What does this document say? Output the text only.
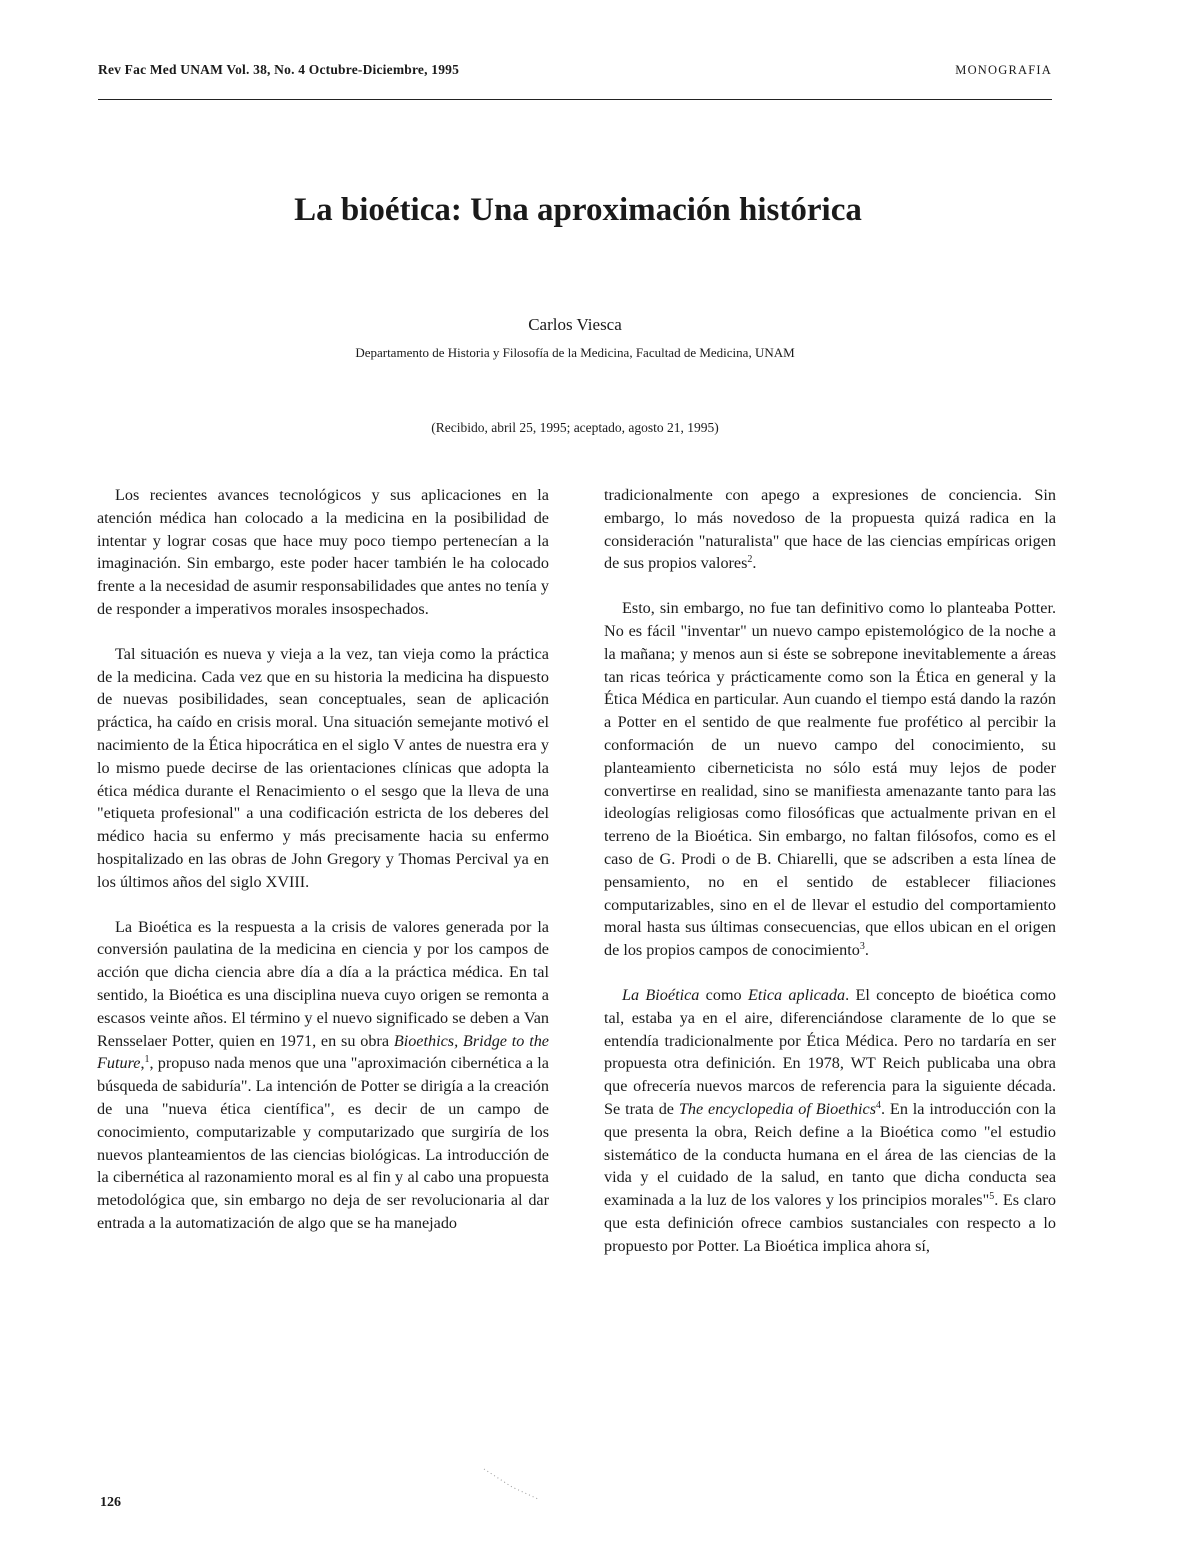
Rev Fac Med UNAM Vol. 38, No. 4 Octubre-Diciembre, 1995	MONOGRAFIA
La bioética: Una aproximación histórica
Carlos Viesca
Departamento de Historia y Filosofía de la Medicina, Facultad de Medicina, UNAM
(Recibido, abril 25, 1995; aceptado, agosto 21, 1995)

Los recientes avances tecnológicos y sus aplicaciones en la atención médica han colocado a la medicina en la posibilidad de intentar y lograr cosas que hace muy poco tiempo pertenecían a la imaginación. Sin embargo, este poder hacer también le ha colocado frente a la necesidad de asumir responsabilidades que antes no tenía y de responder a imperativos morales insospechados.

Tal situación es nueva y vieja a la vez, tan vieja como la práctica de la medicina. Cada vez que en su historia la medicina ha dispuesto de nuevas posibilidades, sean conceptuales, sean de aplicación práctica, ha caído en crisis moral. Una situación semejante motivó el nacimiento de la Ética hipocrática en el siglo V antes de nuestra era y lo mismo puede decirse de las orientaciones clínicas que adopta la ética médica durante el Renacimiento o el sesgo que la lleva de una "etiqueta profesional" a una codificación estricta de los deberes del médico hacia su enfermo y más precisamente hacia su enfermo hospitalizado en las obras de John Gregory y Thomas Percival ya en los últimos años del siglo XVIII.

La Bioética es la respuesta a la crisis de valores generada por la conversión paulatina de la medicina en ciencia y por los campos de acción que dicha ciencia abre día a día a la práctica médica. En tal sentido, la Bioética es una disciplina nueva cuyo origen se remonta a escasos veinte años. El término y el nuevo significado se deben a Van Rensselaer Potter, quien en 1971, en su obra Bioethics, Bridge to the Future,$^1$, propuso nada menos que una "aproximación cibernética a la búsqueda de sabiduría". La intención de Potter se dirigía a la creación de una "nueva ética científica", es decir de un campo de conocimiento, computarizable y computarizado que surgiría de los nuevos planteamientos de las ciencias biológicas. La introducción de la cibernética al razonamiento moral es al fin y al cabo una propuesta metodológica que, sin embargo no deja de ser revolucionaria al dar entrada a la automatización de algo que se ha manejado

tradicionalmente con apego a expresiones de conciencia. Sin embargo, lo más novedoso de la propuesta quizá radica en la consideración "naturalista" que hace de las ciencias empíricas origen de sus propios valores$^2$.

Esto, sin embargo, no fue tan definitivo como lo planteaba Potter. No es fácil "inventar" un nuevo campo epistemológico de la noche a la mañana; y menos aun si éste se sobrepone inevitablemente a áreas tan ricas teórica y prácticamente como son la Ética en general y la Ética Médica en particular. Aun cuando el tiempo está dando la razón a Potter en el sentido de que realmente fue profético al percibir la conformación de un nuevo campo del conocimiento, su planteamiento ciberneticista no sólo está muy lejos de poder convertirse en realidad, sino se manifiesta amenazante tanto para las ideologías religiosas como filosóficas que actualmente privan en el terreno de la Bioética. Sin embargo, no faltan filósofos, como es el caso de G. Prodi o de B. Chiarelli, que se adscriben a esta línea de pensamiento, no en el sentido de establecer filiaciones computarizables, sino en el de llevar el estudio del comportamiento moral hasta sus últimas consecuencias, que ellos ubican en el origen de los propios campos de conocimiento$^3$.

La Bioética como Etica aplicada. El concepto de bioética como tal, estaba ya en el aire, diferenciándose claramente de lo que se entendía tradicionalmente por Ética Médica. Pero no tardaría en ser propuesta otra definición. En 1978, WT Reich publicaba una obra que ofrecería nuevos marcos de referencia para la siguiente década. Se trata de The encyclopedia of Bioethics$^4$. En la introducción con la que presenta la obra, Reich define a la Bioética como "el estudio sistemático de la conducta humana en el área de las ciencias de la vida y el cuidado de la salud, en tanto que dicha conducta sea examinada a la luz de los valores y los principios morales"$^5$. Es claro que esta definición ofrece cambios sustanciales con respecto a lo propuesto por Potter. La Bioética implica ahora sí,

126
